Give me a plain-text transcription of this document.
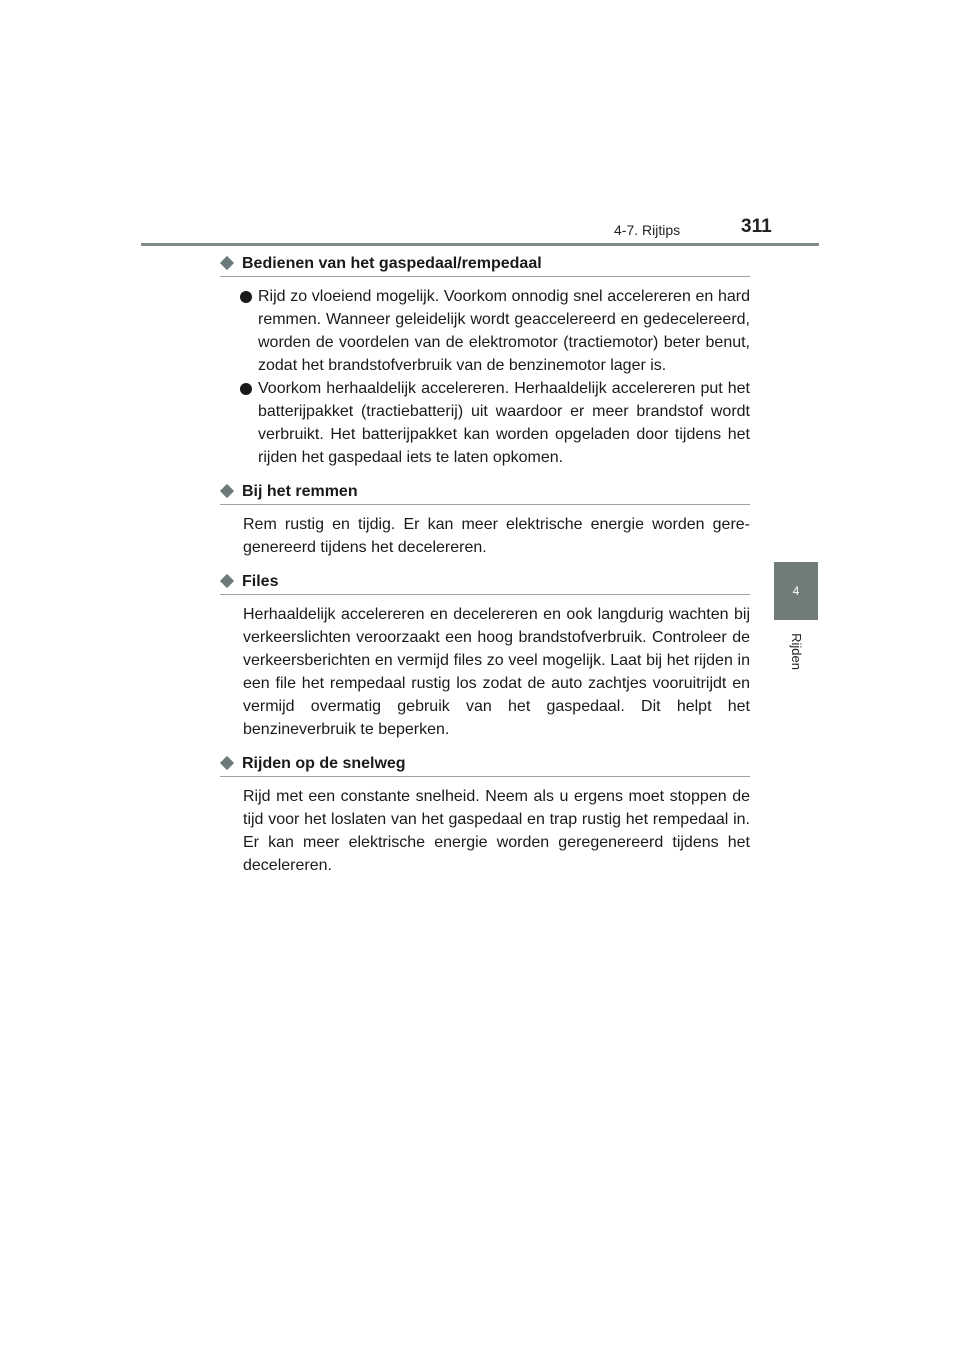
4-7. Rijtips	311
4
Rijden
Bedienen van het gaspedaal/rempedaal
Rijd zo vloeiend mogelijk. Voorkom onnodig snel accelereren en hard remmen. Wanneer geleidelijk wordt geaccelereerd en gedecelereerd, worden de voordelen van de elektromotor (tractiemotor) beter benut, zodat het brandstofverbruik van de benzinemotor lager is.
Voorkom herhaaldelijk accelereren. Herhaaldelijk accelereren put het batterijpakket (tractiebatterij) uit waardoor er meer brandstof wordt verbruikt. Het batterijpakket kan worden opgeladen door tijdens het rijden het gaspedaal iets te laten opkomen.
Bij het remmen
Rem rustig en tijdig. Er kan meer elektrische energie worden geregenereerd tijdens het decelereren.
Files
Herhaaldelijk accelereren en decelereren en ook langdurig wachten bij verkeerslichten veroorzaakt een hoog brandstofverbruik. Controleer de verkeersberichten en vermijd files zo veel mogelijk. Laat bij het rijden in een file het rempedaal rustig los zodat de auto zachtjes vooruitrijdt en vermijd overmatig gebruik van het gaspedaal. Dit helpt het benzineverbruik te beperken.
Rijden op de snelweg
Rijd met een constante snelheid. Neem als u ergens moet stoppen de tijd voor het loslaten van het gaspedaal en trap rustig het rempedaal in. Er kan meer elektrische energie worden geregenereerd tijdens het decelereren.
